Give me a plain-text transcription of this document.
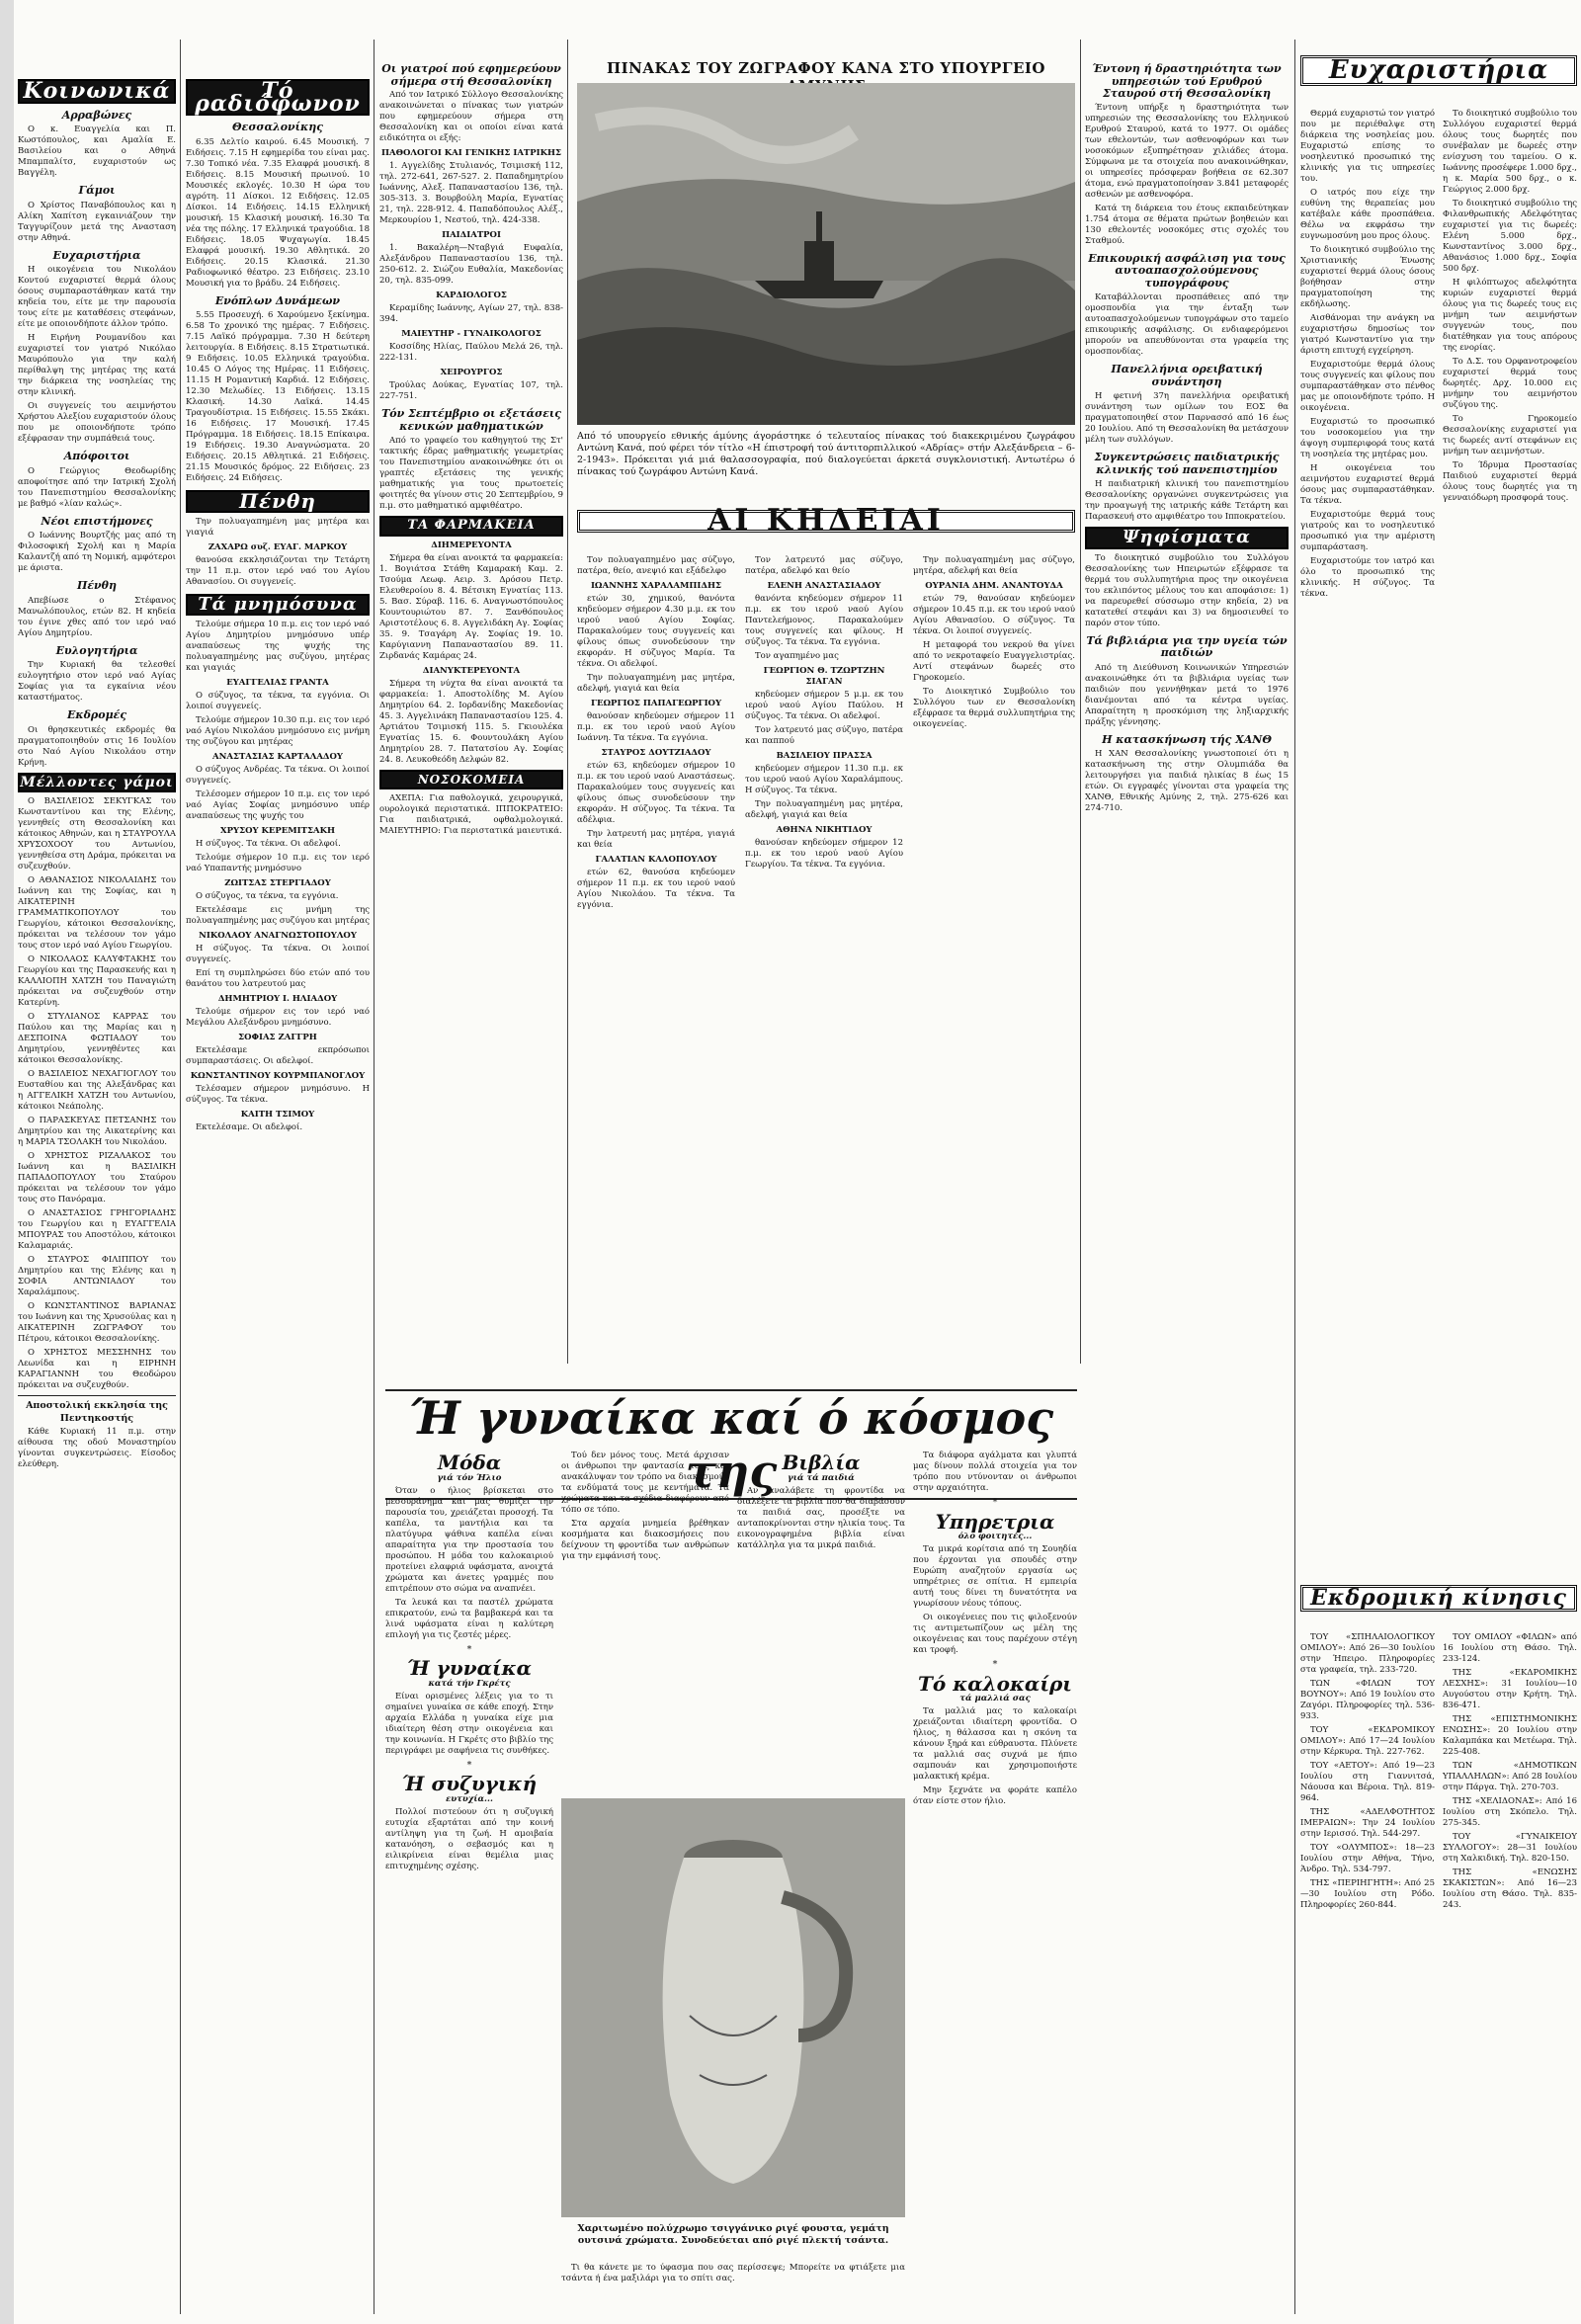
Κοινωνικά

Αρραβώνες

Ο κ. Ευαγγελία και Π. Κωστόπουλος, και Αμαλία Ε. Βασιλείου και ο Αθηνά Μπαμπαλίτσ, ευχαριστούν ως Βαγγέλη.

Γάμοι

Ο Χρίστος Παναβόπουλος και η Αλίκη Χαπίτση εγκαινιάζουν την Ταγγυρίζουν μετά της Ανασταση στην Αθηνά.

Ευχαριστήρια

Η οικογένεια του Νικολάου Κοντού ευχαριστεί θερμά όλους όσους συμπαραστάθηκαν κατά την κηδεία του, είτε με την παρουσία τους είτε με καταθέσεις στεφάνων, είτε με οποιονδήποτε άλλον τρόπο.

Η Ειρήνη Ρουμανίδου και ευχαριστεί τον γιατρό Νικόλαο Μαυρόπουλο για την καλή περίθαλψη της μητέρας της κατά την διάρκεια της νοσηλείας της στην κλινική.

Οι συγγενείς του αειμνήστου Χρήστου Αλεξίου ευχαριστούν όλους που με οποιονδήποτε τρόπο εξέφρασαν την συμπάθειά τους.

Απόφοιτοι

Ο Γεώργιος Θεοδωρίδης αποφοίτησε από την Ιατρική Σχολή του Πανεπιστημίου Θεσσαλονίκης με βαθμό «λίαν καλώς».

Νέοι επιστήμονες

Ο Ιωάννης Βουρτζής μας από τη Φιλοσοφική Σχολή και η Μαρία Καλαντζή από τη Νομική, αμφότεροι με άριστα.

Πένθη

Απεβίωσε ο Στέφανος Μανωλόπουλος, ετών 82. Η κηδεία του έγινε χθες από τον ιερό ναό Αγίου Δημητρίου.

Ευλογητήρια

Την Κυριακή θα τελεσθεί ευλογητήριο στον ιερό ναό Αγίας Σοφίας για τα εγκαίνια νέου καταστήματος.

Εκδρομές

Οι θρησκευτικές εκδρομές θα πραγματοποιηθούν στις 16 Ιουλίου στο Ναό Αγίου Νικολάου στην Κρήνη.

Μέλλοντες γάμοι

Ο ΒΑΣΙΛΕΙΟΣ ΣΕΚΥΓΚΑΣ του Κωνσταντίνου και της Ελένης, γεννηθείς στη Θεσσαλονίκη και κάτοικος Αθηνών, και η ΣΤΑΥΡΟΥΛΑ ΧΡΥΣΟΧΟΟΥ του Αντωνίου, γεννηθείσα στη Δράμα, πρόκειται να συζευχθούν.

Ο ΑΘΑΝΑΣΙΟΣ ΝΙΚΟΛΑΙΔΗΣ του Ιωάννη και της Σοφίας, και η ΑΙΚΑΤΕΡΙΝΗ ΓΡΑΜΜΑΤΙΚΟΠΟΥΛΟΥ του Γεωργίου, κάτοικοι Θεσσαλονίκης, πρόκειται να τελέσουν τον γάμο τους στον ιερό ναό Αγίου Γεωργίου.

Ο ΝΙΚΟΛΑΟΣ ΚΑΛΥΦΤΑΚΗΣ του Γεωργίου και της Παρασκευής και η ΚΑΛΛΙΟΠΗ ΧΑΤΖΗ του Παναγιώτη πρόκειται να συζευχθούν στην Κατερίνη.

Ο ΣΤΥΛΙΑΝΟΣ ΚΑΡΡΑΣ του Παύλου και της Μαρίας και η ΔΕΣΠΟΙΝΑ ΦΩΤΙΑΔΟΥ του Δημητρίου, γεννηθέντες και κάτοικοι Θεσσαλονίκης.

Ο ΒΑΣΙΛΕΙΟΣ ΝΕΧΑΓΙΟΓΛΟΥ του Ευσταθίου και της Αλεξάνδρας και η ΑΓΓΕΛΙΚΗ ΧΑΤΖΗ του Αντωνίου, κάτοικοι Νεάπολης.

Ο ΠΑΡΑΣΚΕΥΑΣ ΠΕΤΣΑΝΗΣ του Δημητρίου και της Αικατερίνης και η ΜΑΡΙΑ ΤΣΟΛΑΚΗ του Νικολάου.

Ο ΧΡΗΣΤΟΣ ΡΙΖΑΛΑΚΟΣ του Ιωάννη και η ΒΑΣΙΛΙΚΗ ΠΑΠΑΔΟΠΟΥΛΟΥ του Σταύρου πρόκειται να τελέσουν τον γάμο τους στο Πανόραμα.

Ο ΑΝΑΣΤΑΣΙΟΣ ΓΡΗΓΟΡΙΑΔΗΣ του Γεωργίου και η ΕΥΑΓΓΕΛΙΑ ΜΠΟΥΡΑΣ του Αποστόλου, κάτοικοι Καλαμαριάς.

Ο ΣΤΑΥΡΟΣ ΦΙΛΙΠΠΟΥ του Δημητρίου και της Ελένης και η ΣΟΦΙΑ ΑΝΤΩΝΙΑΔΟΥ του Χαραλάμπους.

Ο ΚΩΝΣΤΑΝΤΙΝΟΣ ΒΑΡΙΑΝΑΣ του Ιωάννη και της Χρυσούλας και η ΑΙΚΑΤΕΡΙΝΗ ΖΩΓΡΑΦΟΥ του Πέτρου, κάτοικοι Θεσσαλονίκης.

Ο ΧΡΗΣΤΟΣ ΜΕΣΣΗΝΗΣ του Λεωνίδα και η ΕΙΡΗΝΗ ΚΑΡΑΓΙΑΝΝΗ του Θεοδώρου πρόκειται να συζευχθούν.

Αποστολική εκκλησία της Πεντηκοστής

Κάθε Κυριακή 11 π.μ. στην αίθουσα της οδού Μοναστηρίου γίνονται συγκεντρώσεις. Είσοδος ελεύθερη.

Τό ραδιόφωνον

Θεσσαλονίκης

6.35 Δελτίο καιρού. 6.45 Μουσική. 7 Ειδήσεις. 7.15 Η εφημερίδα του είναι μας. 7.30 Τοπικό νέα. 7.35 Ελαφρά μουσική. 8 Ειδήσεις. 8.15 Μουσική πρωινού. 10 Μουσικές εκλογές. 10.30 Η ώρα του αγρότη. 11 Δίσκοι. 12 Ειδήσεις. 12.05 Δίσκοι. 14 Ειδήσεις. 14.15 Ελληνική μουσική. 15 Κλασική μουσική. 16.30 Τα νέα της πόλης. 17 Ελληνικά τραγούδια. 18 Ειδήσεις. 18.05 Ψυχαγωγία. 18.45 Ελαφρά μουσική. 19.30 Αθλητικά. 20 Ειδήσεις. 20.15 Κλασικά. 21.30 Ραδιοφωνικό θέατρο. 23 Ειδήσεις. 23.10 Μουσική για το βράδυ. 24 Ειδήσεις.

Ενόπλων Δυνάμεων

5.55 Προσευχή. 6 Χαρούμενο ξεκίνημα. 6.58 Το χρονικό της ημέρας. 7 Ειδήσεις. 7.15 Λαϊκό πρόγραμμα. 7.30 Η δεύτερη λειτουργία. 8 Ειδήσεις. 8.15 Στρατιωτικά. 9 Ειδήσεις. 10.05 Ελληνικά τραγούδια. 10.45 Ο Λόγος της Ημέρας. 11 Ειδήσεις. 11.15 Η Ρομαντική Καρδιά. 12 Ειδήσεις. 12.30 Μελωδίες. 13 Ειδήσεις. 13.15 Κλασική. 14.30 Λαϊκά. 14.45 Τραγουδίστρια. 15 Ειδήσεις. 15.55 Σκάκι. 16 Ειδήσεις. 17 Μουσική. 17.45 Πρόγραμμα. 18 Ειδήσεις. 18.15 Επίκαιρα. 19 Ειδήσεις. 19.30 Αναγνώσματα. 20 Ειδήσεις. 20.15 Αθλητικά. 21 Ειδήσεις. 21.15 Μουσικός δρόμος. 22 Ειδήσεις. 23 Ειδήσεις. 24 Ειδήσεις.

Πένθη

Την πολυαγαπημένη μας μητέρα και γιαγιά

ΖΑΧΑΡΩ συζ. ΕΥΑΓ. ΜΑΡΚΟΥ

θανούσα εκκλησιάζονται την Τετάρτη την 11 π.μ. στον ιερό ναό του Αγίου Αθανασίου. Οι συγγενείς.

Τά μνημόσυνα

Τελούμε σήμερα 10 π.μ. εις τον ιερό ναό Αγίου Δημητρίου μνημόσυνο υπέρ αναπαύσεως της ψυχής της πολυαγαπημένης μας συζύγου, μητέρας και γιαγιάς

ΕΥΑΓΓΕΛΙΑΣ ΓΡΑΝΤΑ

Ο σύζυγος, τα τέκνα, τα εγγόνια. Οι λοιποί συγγενείς.

Τελούμε σήμερον 10.30 π.μ. εις τον ιερό ναό Αγίου Νικολάου μνημόσυνο εις μνήμη της συζύγου και μητέρας

ΑΝΑΣΤΑΣΙΑΣ ΚΑΡΤΑΛΑΔΟΥ

Ο σύζυγος Ανδρέας. Τα τέκνα. Οι λοιποί συγγενείς.

Τελέσομεν σήμερον 10 π.μ. εις τον ιερό ναό Αγίας Σοφίας μνημόσυνο υπέρ αναπαύσεως της ψυχής του

ΧΡΥΣΟΥ ΚΕΡΕΜΙΤΣΑΚΗ

Η σύζυγος. Τα τέκνα. Οι αδελφοί.

Τελούμε σήμερον 10 π.μ. εις τον ιερό ναό Υπαπαντής μνημόσυνο

ΖΩΙΤΣΑΣ ΣΤΕΡΓΙΑΔΟΥ

Ο σύζυγος, τα τέκνα, τα εγγόνια.

Εκτελέσαμε εις μνήμη της πολυαγαπημένης μας συζύγου και μητέρας

ΝΙΚΟΛΑΟΥ ΑΝΑΓΝΩΣΤΟΠΟΥΛΟΥ

Η σύζυγος. Τα τέκνα. Οι λοιποί συγγενείς.

Επί τη συμπληρώσει δύο ετών από του θανάτου του λατρευτού μας

ΔΗΜΗΤΡΙΟΥ Ι. ΗΛΙΑΔΟΥ

Τελούμε σήμερον εις τον ιερό ναό Μεγάλου Αλεξάνδρου μνημόσυνο.

ΣΟΦΙΑΣ ΖΑΓΓΡΗ

Εκτελέσαμε εκπρόσωποι συμπαραστάσεις. Οι αδελφοί.

ΚΩΝΣΤΑΝΤΙΝΟΥ ΚΟΥΡΜΠΑΝΟΓΛΟΥ

Τελέσαμεν σήμερον μνημόσυνο. Η σύζυγος. Τα τέκνα.

ΚΑΙΤΗ ΤΣΙΜΟΥ

Εκτελέσαμε. Οι αδελφοί.

Οι γιατροί πού εφημερεύουν σήμερα στή Θεσσαλονίκη

Από τον Ιατρικό Σύλλογο Θεσσαλονίκης ανακοινώνεται ο πίνακας των γιατρών που εφημερεύουν σήμερα στη Θεσσαλονίκη και οι οποίοι είναι κατά ειδικότητα οι εξής:

ΠΑΘΟΛΟΓΟΙ ΚΑΙ ΓΕΝΙΚΗΣ ΙΑΤΡΙΚΗΣ

1. Αγγελίδης Στυλιανός, Τσιμισκή 112, τηλ. 272-641, 267-527. 2. Παπαδημητρίου Ιωάννης, Αλεξ. Παπαναστασίου 136, τηλ. 305-313. 3. Βουρβούλη Μαρία, Εγνατίας 21, τηλ. 228-912. 4. Παπαδόπουλος Αλέξ., Μερκουρίου 1, Νεστού, τηλ. 424-338.

ΠΑΙΔΙΑΤΡΟΙ

1. Βακαλέρη—Νταβγιά Ευφαλία, Αλεξάνδρου Παπαναστασίου 136, τηλ. 250-612. 2. Σιώζου Ευθαλία, Μακεδονίας 20, τηλ. 835-099.

ΚΑΡΔΙΟΛΟΓΟΣ

Κεραμίδης Ιωάννης, Αγίων 27, τηλ. 838-394.

ΜΑΙΕΥΤΗΡ - ΓΥΝΑΙΚΟΛΟΓΟΣ

Κοσσίδης Ηλίας, Παύλου Μελά 26, τηλ. 222-131.

ΧΕΙΡΟΥΡΓΟΣ

Τρούλας Δούκας, Εγνατίας 107, τηλ. 227-751.

Τόν Σεπτέμβριο οι εξετάσεις κενικών μαθηματικών

Από το γραφείο του καθηγητού της Στ' τακτικής έδρας μαθηματικής γεωμετρίας του Πανεπιστημίου ανακοινώθηκε ότι οι γραπτές εξετάσεις της γενικής μαθηματικής για τους πρωτοετείς φοιτητές θα γίνουν στις 20 Σεπτεμβρίου, 9 π.μ. στο μαθηματικό αμφιθέατρο.

ΤΑ ΦΑΡΜΑΚΕΙΑ

ΔΙΗΜΕΡΕΥΟΝΤΑ

Σήμερα θα είναι ανοικτά τα φαρμακεία: 1. Βογιάτσα Στάθη Καμαρακή Καμ. 2. Τσούμα Λεωφ. Αειρ. 3. Δρόσου Πετρ. Ελευθεροίου 8. 4. Βέτσικη Εγνατίας 113. 5. Βασ. Σύραβ. 116. 6. Αναγνωστόπουλος Κουντουριώτου 87. 7. Ξανθόπουλος Αριστοτέλους 6. 8. Αγγελιδάκη Αγ. Σοφίας 35. 9. Τσαγάρη Αγ. Σοφίας 19. 10. Καρύγιαννη Παπαναστασίου 89. 11. Ζιρδανάς Καμάρας 24.

ΔΙΑΝΥΚΤΕΡΕΥΟΝΤΑ

Σήμερα τη νύχτα θα είναι ανοικτά τα φαρμακεία: 1. Αποστολίδης Μ. Αγίου Δημητρίου 64. 2. Ιορδανίδης Μακεδονίας 45. 3. Αγγελινάκη Παπαναστασίου 125. 4. Αρτιάτου Τσιμισκή 115. 5. Γκιουλέκα Εγνατίας 15. 6. Φουντουλάκη Αγίου Δημητρίου 28. 7. Πατατσίου Αγ. Σοφίας 24. 8. Λευκοθεόδη Δελφών 82.

ΝΟΣΟΚΟΜΕΙΑ

ΑΧΕΠΑ: Για παθολογικά, χειρουργικά, ουρολογικά περιστατικά. ΙΠΠΟΚΡΑΤΕΙΟ: Για παιδιατρικά, οφθαλμολογικά. ΜΑΙΕΥΤΗΡΙΟ: Για περιστατικά μαιευτικά.

ΠΙΝΑΚΑΣ ΤΟΥ ΖΩΓΡΑΦΟΥ ΚΑΝΑ ΣΤΟ ΥΠΟΥΡΓΕΙΟ
Από τό υπουργείο εθνικής άμύνης άγοράστηκε ό τελευταίος πίνακας τού διακεκριμένου ζωγράφου Αντώνη Κανά, πού φέρει τόν τίτλο «Η έπιστροφή τού άντιτορπιλλικού «Αδρίας» στήν Αλεξάνδρεια – 6-2-1943». Πρόκειται γιά μιά θαλασσογραφία, πού διαλογεύεται άρκετά συγκλονιστική. Αντωτέρω ό πίνακας τού ζωγράφου Αντώνη Κανά.
ΑΙ ΚΗΔΕΙΑΙ

Τον πολυαγαπημένο μας σύζυγο, πατέρα, θείο, ανεψιό και εξάδελφο

ΙΩΑΝΝΗΣ ΧΑΡΑΛΑΜΠΙΔΗΣ

ετών 30, χημικού, θανόντα κηδεύομεν σήμερον 4.30 μ.μ. εκ του ιερού ναού Αγίου Σοφίας. Παρακαλούμεν τους συγγενείς και φίλους όπως συνοδεύσουν την εκφοράν. Η σύζυγος Μαρία. Τα τέκνα. Οι αδελφοί.

Την πολυαγαπημένη μας μητέρα, αδελφή, γιαγιά και θεία

ΓΕΩΡΓΙΟΣ ΠΑΠΑΓΕΩΡΓΙΟΥ

θανούσαν κηδεύομεν σήμερον 11 π.μ. εκ του ιερού ναού Αγίου Ιωάννη. Τα τέκνα. Τα εγγόνια.

ΣΤΑΥΡΟΣ ΔΟΥΤΖΙΑΔΟΥ

ετών 63, κηδεύομεν σήμερον 10 π.μ. εκ του ιερού ναού Αναστάσεως. Παρακαλούμεν τους συγγενείς και φίλους όπως συνοδεύσουν την εκφοράν. Η σύζυγος. Τα τέκνα. Τα αδέλφια.

Την λατρευτή μας μητέρα, γιαγιά και θεία

ΓΑΛΑΤΙΑΝ ΚΑΛΟΠΟΥΛΟΥ

ετών 62, θανούσα κηδεύομεν σήμερον 11 π.μ. εκ του ιερού ναού Αγίου Νικολάου. Τα τέκνα. Τα εγγόνια.

Τον λατρευτό μας σύζυγο, πατέρα, αδελφό και θείο

ΕΛΕΝΗ ΑΝΑΣΤΑΣΙΑΔΟΥ

θανόντα κηδεύομεν σήμερον 11 π.μ. εκ του ιερού ναού Αγίου Παντελεήμονος. Παρακαλούμεν τους συγγενείς και φίλους. Η σύζυγος. Τα τέκνα. Τα εγγόνια.

Τον αγαπημένο μας

ΓΕΩΡΓΙΟΝ Θ. ΤΖΩΡΤΖΗΝ ΣΙΑΓΑΝ

κηδεύομεν σήμερον 5 μ.μ. εκ του ιερού ναού Αγίου Παύλου. Η σύζυγος. Τα τέκνα. Οι αδελφοί.

Τον λατρευτό μας σύζυγο, πατέρα και παππού

ΒΑΣΙΛΕΙΟΥ ΠΡΑΣΣΑ

κηδεύομεν σήμερον 11.30 π.μ. εκ του ιερού ναού Αγίου Χαραλάμπους. Η σύζυγος. Τα τέκνα.

Την πολυαγαπημένη μας μητέρα, αδελφή, γιαγιά και θεία

ΑΘΗΝΑ ΝΙΚΗΤΙΔΟΥ

θανούσαν κηδεύομεν σήμερον 12 π.μ. εκ του ιερού ναού Αγίου Γεωργίου. Τα τέκνα. Τα εγγόνια.

Την πολυαγαπημένη μας σύζυγο, μητέρα, αδελφή και θεία

ΟΥΡΑΝΙΑ ΔΗΜ. ΑΝΑΝΤΟΥΔΑ

ετών 79, θανούσαν κηδεύομεν σήμερον 10.45 π.μ. εκ του ιερού ναού Αγίου Αθανασίου. Ο σύζυγος. Τα τέκνα. Οι λοιποί συγγενείς.

Η μεταφορά του νεκρού θα γίνει από το νεκροταφείο Ευαγγελιστρίας. Αντί στεφάνων δωρεές στο Γηροκομείο.

Το Διοικητικό Συμβούλιο του Συλλόγου των εν Θεσσαλονίκη εξέφρασε τα θερμά συλλυπητήρια της οικογενείας.

Έντονη ή δραστηριότητα των υπηρεσιών τού Ερυθρού Σταυρού στή Θεσσαλονίκη

Έντονη υπήρξε η δραστηριότητα των υπηρεσιών της Θεσσαλονίκης του Ελληνικού Ερυθρού Σταυρού, κατά το 1977. Οι ομάδες των εθελοντών, των ασθενοφόρων και των νοσοκόμων εξυπηρέτησαν χιλιάδες άτομα. Σύμφωνα με τα στοιχεία που ανακοινώθηκαν, οι υπηρεσίες πρόσφεραν βοήθεια σε 62.307 άτομα, ενώ πραγματοποίησαν 3.841 μεταφορές ασθενών με ασθενοφόρα.

Κατά τη διάρκεια του έτους εκπαιδεύτηκαν 1.754 άτομα σε θέματα πρώτων βοηθειών και 130 εθελοντές νοσοκόμες στις σχολές του Σταθμού.

Επικουρική ασφάλιση για τους αυτοαπασχολούμενους τυπογράφους

Καταβάλλονται προσπάθειες από την ομοσπονδία για την ένταξη των αυτοαπασχολούμενων τυπογράφων στο ταμείο επικουρικής ασφάλισης. Οι ενδιαφερόμενοι μπορούν να απευθύνονται στα γραφεία της ομοσπονδίας.

Πανελλήνια ορειβατική συνάντηση

Η φετινή 37η πανελλήνια ορειβατική συνάντηση των ομίλων του ΕΟΣ θα πραγματοποιηθεί στον Παρνασσό από 16 έως 20 Ιουλίου. Από τη Θεσσαλονίκη θα μετάσχουν μέλη των συλλόγων.

Συγκεντρώσεις παιδιατρικής κλινικής τού πανεπιστημίου

Η παιδιατρική κλινική του πανεπιστημίου Θεσσαλονίκης οργανώνει συγκεντρώσεις για την προαγωγή της ιατρικής κάθε Τετάρτη και Παρασκευή στο αμφιθέατρο του Ιπποκρατείου.

Ψηφίσματα

Το διοικητικό συμβούλιο του Συλλόγου Θεσσαλονίκης των Ηπειρωτών εξέφρασε τα θερμά του συλλυπητήρια προς την οικογένεια του εκλιπόντος μέλους του και αποφάσισε: 1) να παρευρεθεί σύσσωμο στην κηδεία, 2) να κατατεθεί στεφάνι και 3) να δημοσιευθεί το παρόν στον τύπο.

Τά βιβλιάρια για την υγεία τών παιδιών

Από τη Διεύθυνση Κοινωνικών Υπηρεσιών ανακοινώθηκε ότι τα βιβλιάρια υγείας των παιδιών που γεννήθηκαν μετά το 1976 διανέμονται από τα κέντρα υγείας. Απαραίτητη η προσκόμιση της ληξιαρχικής πράξης γέννησης.

Η κατασκήνωση τής ΧΑΝΘ

Η ΧΑΝ Θεσσαλονίκης γνωστοποιεί ότι η κατασκήνωση της στην Ολυμπιάδα θα λειτουργήσει για παιδιά ηλικίας 8 έως 15 ετών. Οι εγγραφές γίνονται στα γραφεία της ΧΑΝΘ, Εθνικής Αμύνης 2, τηλ. 275-626 και 274-710.

Ευχαριστήρια

Θερμά ευχαριστώ τον γιατρό που με περιέθαλψε στη διάρκεια της νοσηλείας μου. Ευχαριστώ επίσης το νοσηλευτικό προσωπικό της κλινικής για τις υπηρεσίες του.

Ο ιατρός που είχε την ευθύνη της θεραπείας μου κατέβαλε κάθε προσπάθεια. Θέλω να εκφράσω την ευγνωμοσύνη μου προς όλους.

Το διοικητικό συμβούλιο της Χριστιανικής Ένωσης ευχαριστεί θερμά όλους όσους βοήθησαν στην πραγματοποίηση της εκδήλωσης.

Αισθάνομαι την ανάγκη να ευχαριστήσω δημοσίως τον γιατρό Κωνσταντίνο για την άριστη επιτυχή εγχείρηση.

Ευχαριστούμε θερμά όλους τους συγγενείς και φίλους που συμπαραστάθηκαν στο πένθος μας με οποιονδήποτε τρόπο. Η οικογένεια.

Ευχαριστώ το προσωπικό του νοσοκομείου για την άψογη συμπεριφορά τους κατά τη νοσηλεία της μητέρας μου.

Η οικογένεια του αειμνήστου ευχαριστεί θερμά όσους μας συμπαραστάθηκαν. Τα τέκνα.

Ευχαριστούμε θερμά τους γιατρούς και το νοσηλευτικό προσωπικό για την αμέριστη συμπαράσταση.

Ευχαριστούμε τον ιατρό και όλο το προσωπικό της κλινικής. Η σύζυγος. Τα τέκνα.

Το διοικητικό συμβούλιο του Συλλόγου ευχαριστεί θερμά όλους τους δωρητές που συνέβαλαν με δωρεές στην ενίσχυση του ταμείου. Ο κ. Ιωάννης προσέφερε 1.000 δρχ., η κ. Μαρία 500 δρχ., ο κ. Γεώργιος 2.000 δρχ.

Το διοικητικό συμβούλιο της Φιλανθρωπικής Αδελφότητας ευχαριστεί για τις δωρεές: Ελένη 5.000 δρχ., Κωνσταντίνος 3.000 δρχ., Αθανάσιος 1.000 δρχ., Σοφία 500 δρχ.

Η φιλόπτωχος αδελφότητα κυριών ευχαριστεί θερμά όλους για τις δωρεές τους εις μνήμη των αειμνήστων συγγενών τους, που διατέθηκαν για τους απόρους της ενορίας.

Το Δ.Σ. του Ορφανοτροφείου ευχαριστεί θερμά τους δωρητές. Δρχ. 10.000 εις μνήμην του αειμνήστου συζύγου της.

Το Γηροκομείο Θεσσαλονίκης ευχαριστεί για τις δωρεές αντί στεφάνων εις μνήμη των αειμνήστων.

Το Ίδρυμα Προστασίας Παιδιού ευχαριστεί θερμά όλους τους δωρητές για τη γενναιόδωρη προσφορά τους.

Εκδρομική κίνησις

ΤΟΥ «ΣΠΗΛΑΙΟΛΟΓΙΚΟΥ ΟΜΙΛΟΥ»: Από 26—30 Ιουλίου στην Ήπειρο. Πληροφορίες στα γραφεία, τηλ. 233-720.

ΤΩΝ «ΦΙΛΩΝ ΤΟΥ ΒΟΥΝΟΥ»: Από 19 Ιουλίου στο Ζαγόρι. Πληροφορίες τηλ. 536-933.

ΤΟΥ «ΕΚΔΡΟΜΙΚΟΥ ΟΜΙΛΟΥ»: Από 17—24 Ιουλίου στην Κέρκυρα. Τηλ. 227-762.

ΤΟΥ «ΑΕΤΟΥ»: Από 19—23 Ιουλίου στη Γιαννιτσά, Νάουσα και Βέροια. Τηλ. 819-964.

ΤΗΣ «ΑΔΕΛΦΟΤΗΤΟΣ ΙΜΕΡΑΙΩΝ»: Την 24 Ιουλίου στην Ιερισσό. Τηλ. 544-297.

ΤΟΥ «ΟΛΥΜΠΟΣ»: 18—23 Ιουλίου στην Αθήνα, Τήνο, Άνδρο. Τηλ. 534-797.

ΤΗΣ «ΠΕΡΙΗΓΗΤΗ»: Από 25—30 Ιουλίου στη Ρόδο. Πληροφορίες 260-844.

ΤΟΥ ΟΜΙΛΟΥ «ΦΙΛΩΝ» από 16 Ιουλίου στη Θάσο. Τηλ. 233-124.

ΤΗΣ «ΕΚΔΡΟΜΙΚΗΣ ΛΕΣΧΗΣ»: 31 Ιουλίου—10 Αυγούστου στην Κρήτη. Τηλ. 836-471.

ΤΗΣ «ΕΠΙΣΤΗΜΟΝΙΚΗΣ ΕΝΩΣΗΣ»: 20 Ιουλίου στην Καλαμπάκα και Μετέωρα. Τηλ. 225-408.

ΤΩΝ «ΔΗΜΟΤΙΚΩΝ ΥΠΑΛΛΗΛΩΝ»: Από 28 Ιουλίου στην Πάργα. Τηλ. 270-703.

ΤΗΣ «ΧΕΛΙΔΟΝΑΣ»: Από 16 Ιουλίου στη Σκόπελο. Τηλ. 275-345.

ΤΟΥ «ΓΥΝΑΙΚΕΙΟΥ ΣΥΛΛΟΓΟΥ»: 28—31 Ιουλίου στη Χαλκιδική. Τηλ. 820-150.

ΤΗΣ «ΕΝΩΣΗΣ ΣΚΑΚΙΣΤΩΝ»: Από 16—23 Ιουλίου στη Θάσο. Τηλ. 835-243.

Ή γυναίκα καί ό κόσμος της

Μόδα

γιά τόν Ήλιο

Όταν ο ήλιος βρίσκεται στο μεσουράνημα και μας θυμίζει την παρουσία του, χρειάζεται προσοχή. Τα καπέλα, τα μαντήλια και τα πλατύγυρα ψάθινα καπέλα είναι απαραίτητα για την προστασία του προσώπου. Η μόδα του καλοκαιριού προτείνει ελαφριά υφάσματα, ανοιχτά χρώματα και άνετες γραμμές που επιτρέπουν στο σώμα να αναπνέει.

Τα λευκά και τα παστέλ χρώματα επικρατούν, ενώ τα βαμβακερά και τα λινά υφάσματα είναι η καλύτερη επιλογή για τις ζεστές μέρες.

*

Ή γυναίκα

κατά τήν Γκρέτς

Είναι ορισμένες λέξεις για το τι σημαίνει γυναίκα σε κάθε εποχή. Στην αρχαία Ελλάδα η γυναίκα είχε μια ιδιαίτερη θέση στην οικογένεια και την κοινωνία. Η Γκρέτς στο βιβλίο της περιγράφει με σαφήνεια τις συνθήκες.

*

Ή συζυγική

ευτυχία...

Πολλοί πιστεύουν ότι η συζυγική ευτυχία εξαρτάται από την κοινή αντίληψη για τη ζωή. Η αμοιβαία κατανόηση, ο σεβασμός και η ειλικρίνεια είναι θεμέλια μιας επιτυχημένης σχέσης.

Τού δεν μόνος τους. Μετά άρχισαν οι άνθρωποι την φαντασία τους και ανακάλυψαν τον τρόπο να διακοσμούν τα ενδύματά τους με κεντήματα. Τα χρώματα και τα σχέδια διαφέρουν από τόπο σε τόπο.

Στα αρχαία μνημεία βρέθηκαν κοσμήματα και διακοσμήσεις που δείχνουν τη φροντίδα των ανθρώπων για την εμφάνισή τους.

Βιβλία

γιά τά παιδιά

Αν αναλάβετε τη φροντίδα να διαλέξετε τα βιβλία που θα διαβάσουν τα παιδιά σας, προσέξτε να ανταποκρίνονται στην ηλικία τους. Τα εικονογραφημένα βιβλία είναι κατάλληλα για τα μικρά παιδιά.

Χαριτωμένο πολύχρωμο τσιγγάνικο ριγέ φουστα, γεμάτη ουτσινά χρώματα. Συνοδεύεται από ριγέ πλεκτή τσάντα.

Τι θα κάνετε με το ύφασμα που σας περίσσεψε; Μπορείτε να φτιάξετε μια τσάντα ή ένα μαξιλάρι για το σπίτι σας.

Τα διάφορα αγάλματα και γλυπτά μας δίνουν πολλά στοιχεία για τον τρόπο που ντύνονταν οι άνθρωποι στην αρχαιότητα.

*

Υπηρετρια

όλο φοιτητές...

Τα μικρά κορίτσια από τη Σουηδία που έρχονται για σπουδές στην Ευρώπη αναζητούν εργασία ως υπηρέτριες σε σπίτια. Η εμπειρία αυτή τους δίνει τη δυνατότητα να γνωρίσουν νέους τόπους.

Οι οικογένειες που τις φιλοξενούν τις αντιμετωπίζουν ως μέλη της οικογένειας και τους παρέχουν στέγη και τροφή.

*

Τό καλοκαίρι

τά μαλλιά σας

Τα μαλλιά μας το καλοκαίρι χρειάζονται ιδιαίτερη φροντίδα. Ο ήλιος, η θάλασσα και η σκόνη τα κάνουν ξηρά και εύθραυστα. Πλύνετε τα μαλλιά σας συχνά με ήπιο σαμπουάν και χρησιμοποιήστε μαλακτική κρέμα.

Μην ξεχνάτε να φοράτε καπέλο όταν είστε στον ήλιο.
